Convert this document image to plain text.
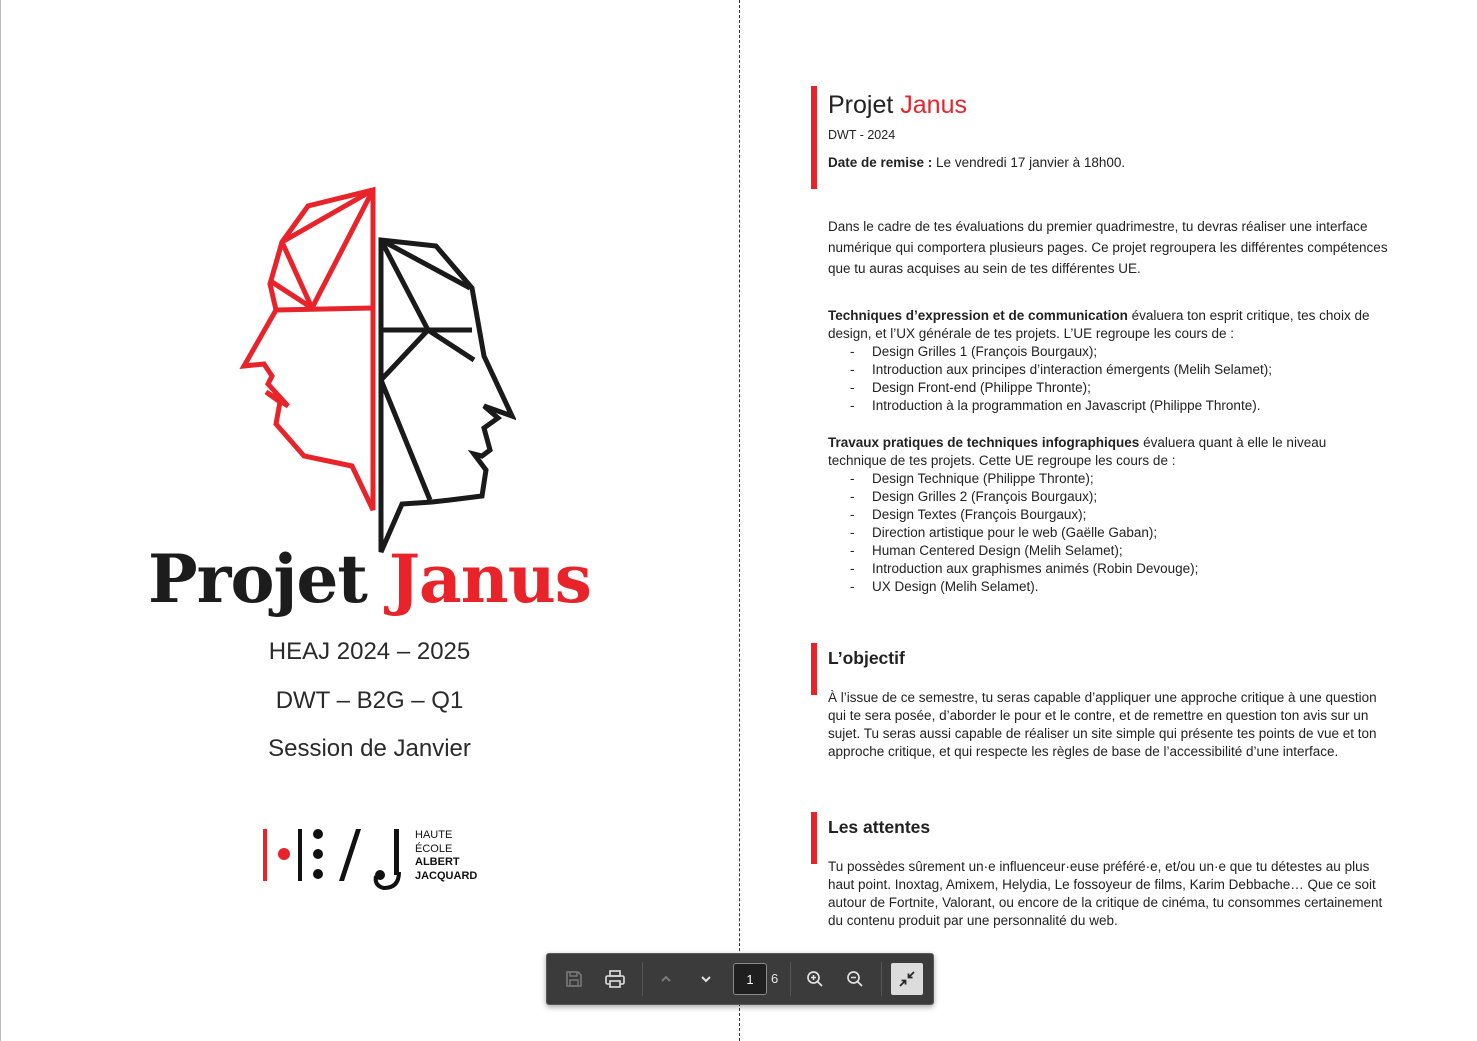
Projet Janus
HEAJ 2024 – 2025
DWT – B2G – Q1
Session de Janvier
HAUTE
ÉCOLE
ALBERT
JACQUARD
Projet Janus
DWT - 2024
Date de remise : Le vendredi 17 janvier à 18h00.
Dans le cadre de tes évaluations du premier quadrimestre, tu devras réaliser une interface numérique qui comportera plusieurs pages. Ce projet regroupera les différentes compétences que tu auras acquises au sein de tes différentes UE.
Techniques d’expression et de communication évaluera ton esprit critique, tes choix de design, et l’UX générale de tes projets. L’UE regroupe les cours de :
- Design Grilles 1 (François Bourgaux);
- Introduction aux principes d’interaction émergents (Melih Selamet);
- Design Front-end (Philippe Thronte);
- Introduction à la programmation en Javascript (Philippe Thronte).
Travaux pratiques de techniques infographiques évaluera quant à elle le niveau technique de tes projets. Cette UE regroupe les cours de :
- Design Technique (Philippe Thronte);
- Design Grilles 2 (François Bourgaux);
- Design Textes (François Bourgaux);
- Direction artistique pour le web (Gaëlle Gaban);
- Human Centered Design (Melih Selamet);
- Introduction aux graphismes animés (Robin Devouge);
- UX Design (Melih Selamet).
L’objectif
À l’issue de ce semestre, tu seras capable d’appliquer une approche critique à une question qui te sera posée, d’aborder le pour et le contre, et de remettre en question ton avis sur un sujet. Tu seras aussi capable de réaliser un site simple qui présente tes points de vue et ton approche critique, et qui respecte les règles de base de l’accessibilité d’une interface.
Les attentes
Tu possèdes sûrement un·e influenceur·euse préféré·e, et/ou un·e que tu détestes au plus haut point. Inoxtag, Amixem, Helydia, Le fossoyeur de films, Karim Debbache… Que ce soit autour de Fortnite, Valorant, ou encore de la critique de cinéma, tu consommes certainement du contenu produit par une personnalité du web.
1	6
